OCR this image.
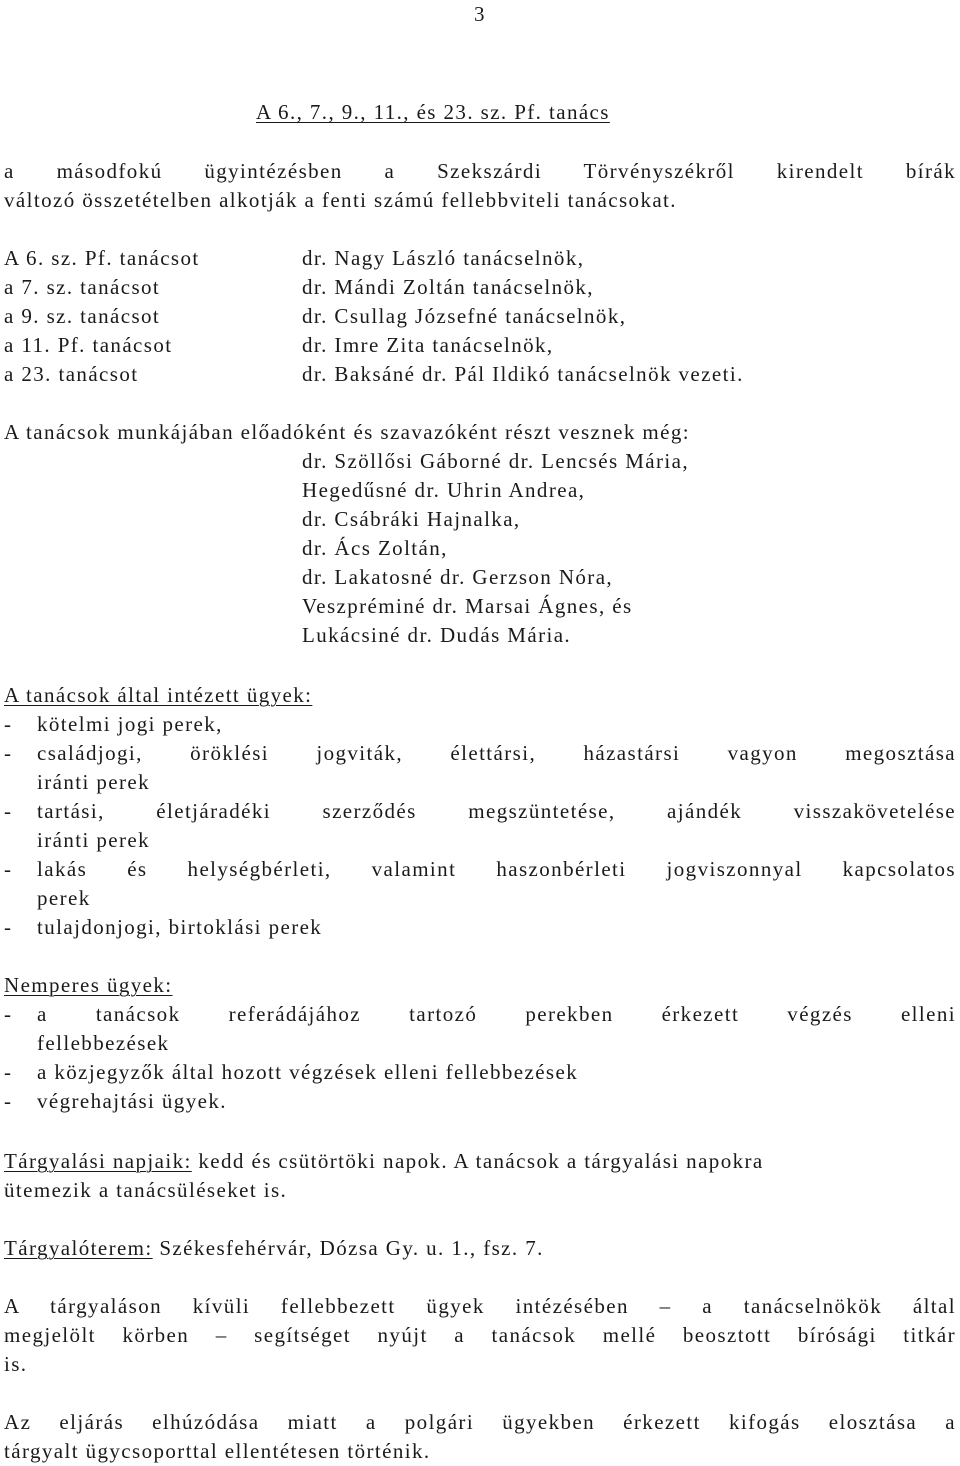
3
A 6., 7., 9., 11., és 23. sz. Pf. tanács
a másodfokú ügyintézésben a Szekszárdi Törvényszékről kirendelt bírák
változó összetételben alkotják a fenti számú fellebbviteli tanácsokat.
A 6. sz. Pf. tanácsot	dr. Nagy László tanácselnök,
a 7. sz. tanácsot	dr. Mándi Zoltán tanácselnök,
a 9. sz. tanácsot	dr. Csullag Józsefné tanácselnök,
a 11. Pf. tanácsot	dr. Imre Zita tanácselnök,
a 23. tanácsot	dr. Baksáné dr. Pál Ildikó tanácselnök vezeti.
A tanácsok munkájában előadóként és szavazóként részt vesznek még:
dr. Szöllősi Gáborné dr. Lencsés Mária,
Hegedűsné dr. Uhrin Andrea,
dr. Csábráki Hajnalka,
dr. Ács Zoltán,
dr. Lakatosné dr. Gerzson Nóra,
Veszpréminé dr. Marsai Ágnes, és
Lukácsiné dr. Dudás Mária.
A tanácsok által intézett ügyek:
- kötelmi jogi perek,
- családjogi, öröklési jogviták, élettársi, házastársi vagyon megosztása
iránti perek
- tartási, életjáradéki szerződés megszüntetése, ajándék visszakövetelése
iránti perek
- lakás és helységbérleti, valamint haszonbérleti jogviszonnyal kapcsolatos
perek
- tulajdonjogi, birtoklási perek
Nemperes ügyek:
- a tanácsok referádájához tartozó perekben érkezett végzés elleni
fellebbezések
- a közjegyzők által hozott végzések elleni fellebbezések
- végrehajtási ügyek.
Tárgyalási napjaik: kedd és csütörtöki napok. A tanácsok a tárgyalási napokra
ütemezik a tanácsüléseket is.
Tárgyalóterem: Székesfehérvár, Dózsa Gy. u. 1., fsz. 7.
A tárgyaláson kívüli fellebbezett ügyek intézésében – a tanácselnökök által
megjelölt körben – segítséget nyújt a tanácsok mellé beosztott bírósági titkár
is.
Az eljárás elhúzódása miatt a polgári ügyekben érkezett kifogás elosztása a
tárgyalt ügycsoporttal ellentétesen történik.
